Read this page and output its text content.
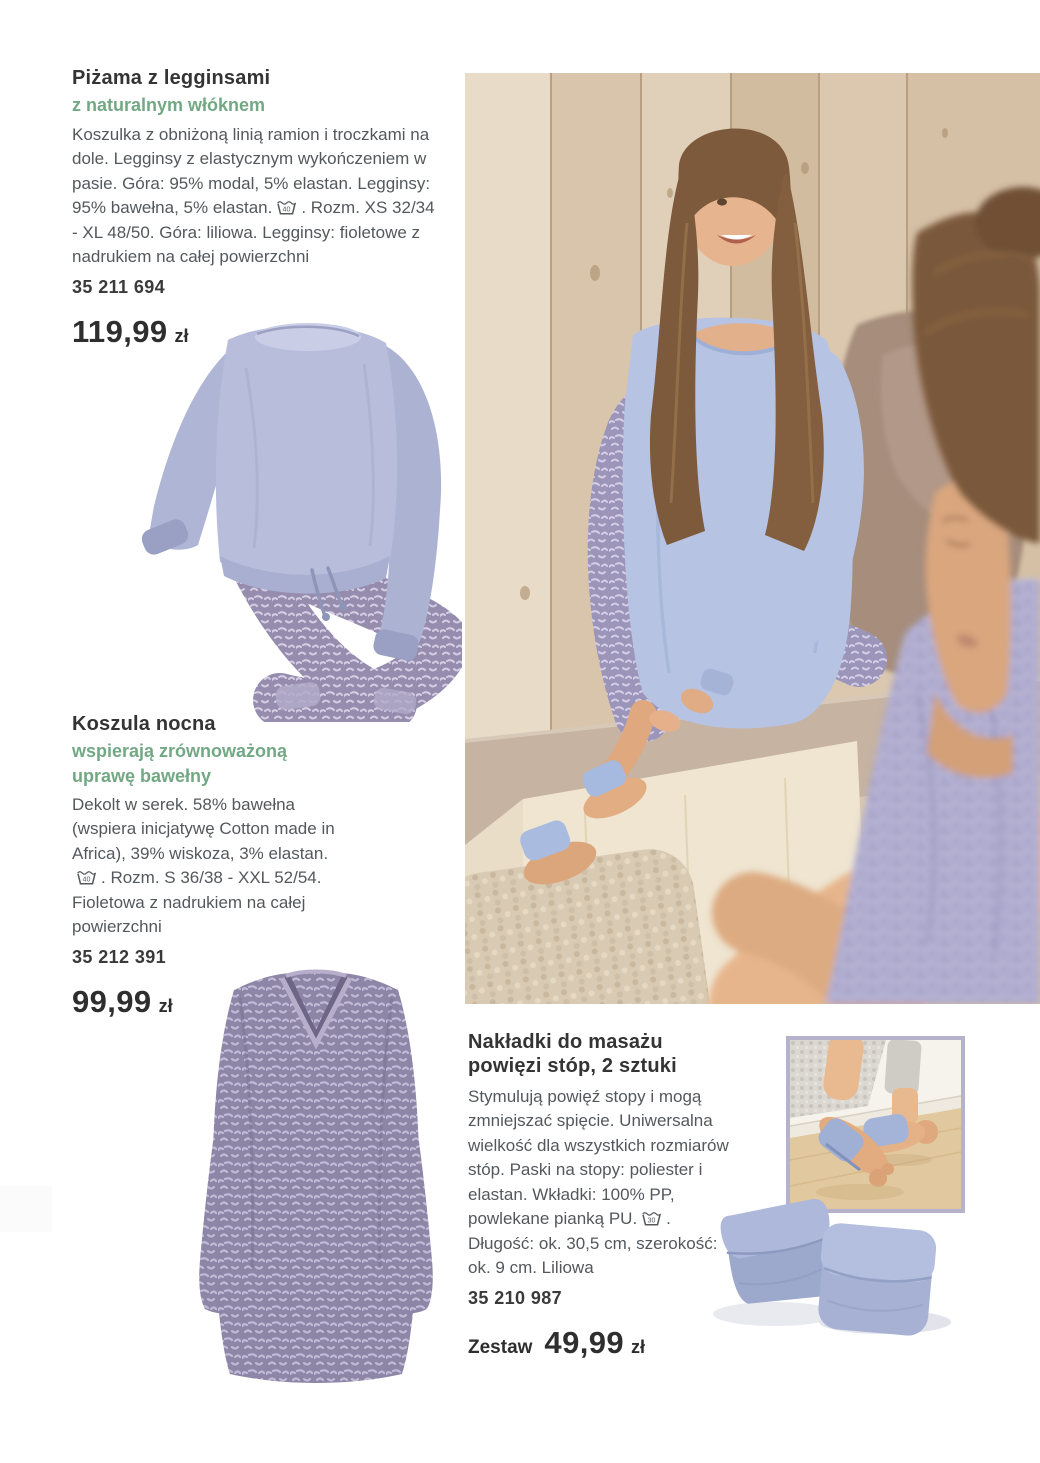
Piżama z legginsami
z naturalnym włóknem

Koszulka z obniżoną linią ramion i troczkami na dole. Legginsy z elastycznym wykończeniem w pasie. Góra: 95% modal, 5% elastan. Legginsy: 95% bawełna, 5% elastan. 40 . Rozm. XS 32/34 - XL 48/50. Góra: liliowa. Legginsy: fioletowe z nadrukiem na całej powierzchni

35 211 694
119,99 zł
Koszula nocna
wspierają zrównoważoną uprawę bawełny

Dekolt w serek. 58% bawełna (wspiera inicjatywę Cotton made in Africa), 39% wiskoza, 3% elastan.
40 . Rozm. S 36/38 - XXL 52/54. Fioletowa z nadrukiem na całej powierzchni

35 212 391
99,99 zł
Nakładki do masażu powięzi stóp, 2 sztuki

Stymulują powięź stopy i mogą zmniejszać spięcie. Uniwersalna wielkość dla wszystkich rozmiarów stóp. Paski na stopy: poliester i elastan. Wkładki: 100% PP, powlekane pianką PU. 30 . Długość: ok. 30,5 cm, szerokość: ok. 9 cm. Liliowa

35 210 987
Zestaw 49,99 zł
